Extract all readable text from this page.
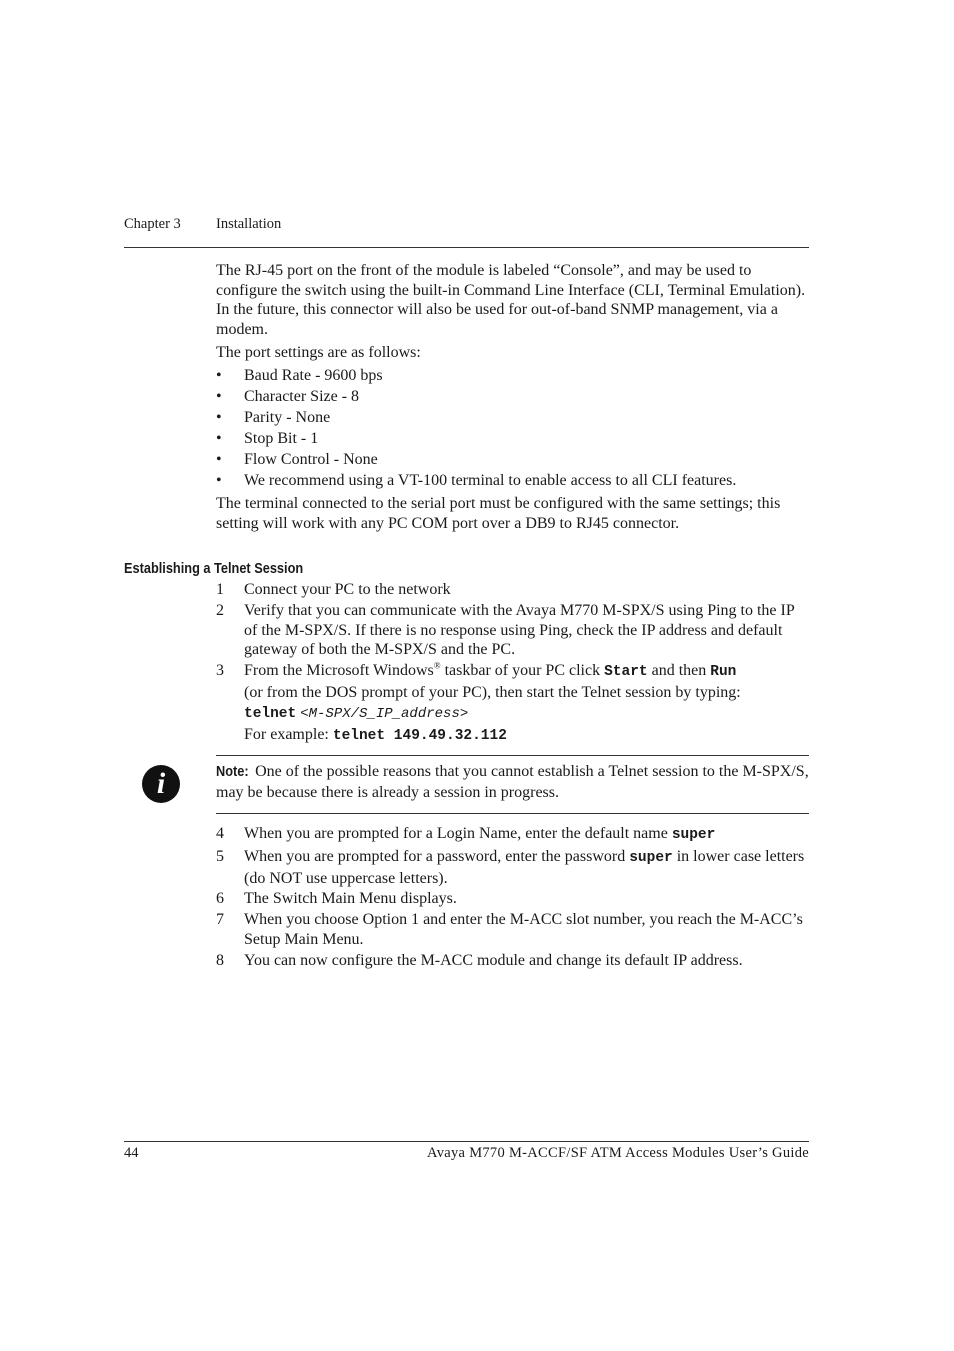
Chapter 3 Installation

The RJ-45 port on the front of the module is labeled “Console”, and may be used to configure the switch using the built-in Command Line Interface (CLI, Terminal Emulation). In the future, this connector will also be used for out-of-band SNMP management, via a modem.

The port settings are as follows:

• Baud Rate - 9600 bps
• Character Size - 8
• Parity - None
• Stop Bit - 1
• Flow Control - None
• We recommend using a VT-100 terminal to enable access to all CLI features.

The terminal connected to the serial port must be configured with the same settings; this setting will work with any PC COM port over a DB9 to RJ45 connector.

Establishing a Telnet Session
1 Connect your PC to the network
2 Verify that you can communicate with the Avaya M770 M-SPX/S using Ping to the IP of the M-SPX/S. If there is no response using Ping, check the IP address and default gateway of both the M-SPX/S and the PC.
3 From the Microsoft Windows® taskbar of your PC click Start and then Run
(or from the DOS prompt of your PC), then start the Telnet session by typing:
telnet <M-SPX/S_IP_address>
For example: telnet 149.49.32.112
i	Note: One of the possible reasons that you cannot establish a Telnet session to the M-SPX/S, may be because there is already a session in progress.
4 When you are prompted for a Login Name, enter the default name super
5 When you are prompted for a password, enter the password super in lower case letters (do NOT use uppercase letters).
6 The Switch Main Menu displays.
7 When you choose Option 1 and enter the M-ACC slot number, you reach the M-ACC’s Setup Main Menu.
8 You can now configure the M-ACC module and change its default IP address.
44	Avaya M770 M-ACCF/SF ATM Access Modules User’s Guide
